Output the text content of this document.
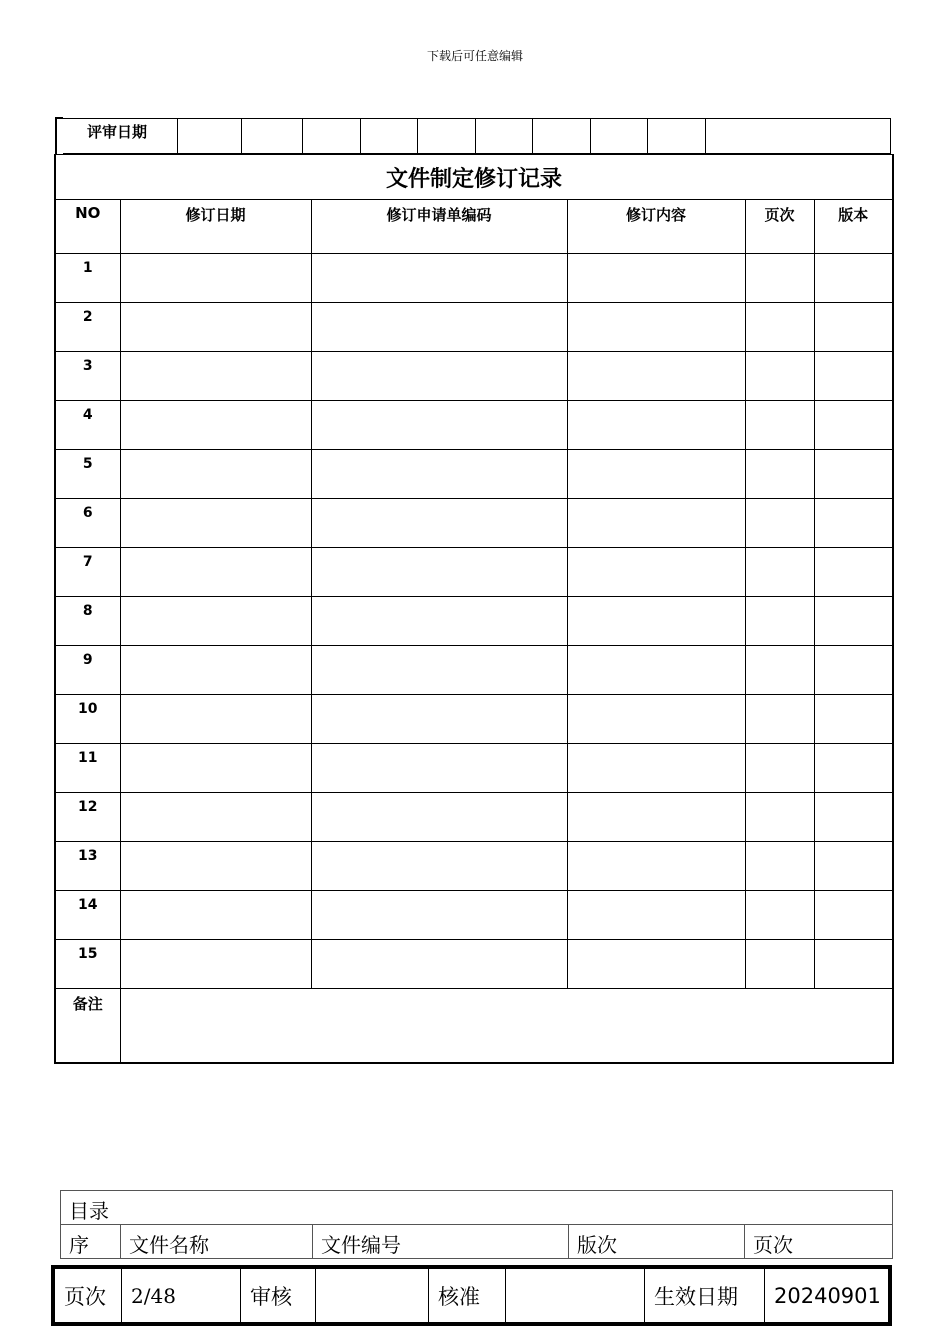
下载后可任意编辑
评审日期
文件制定修订记录					
NO	修订日期	修订申请单编码	修订内容	页次	版本
1					
2					
3					
4					
5					
6					
7					
8					
9					
10					
11					
12					
13					
14					
15					
备注					
目录
序	文件名称	文件编号	版次	页次
页次	2/48	审核		核准		生效日期	20240901
